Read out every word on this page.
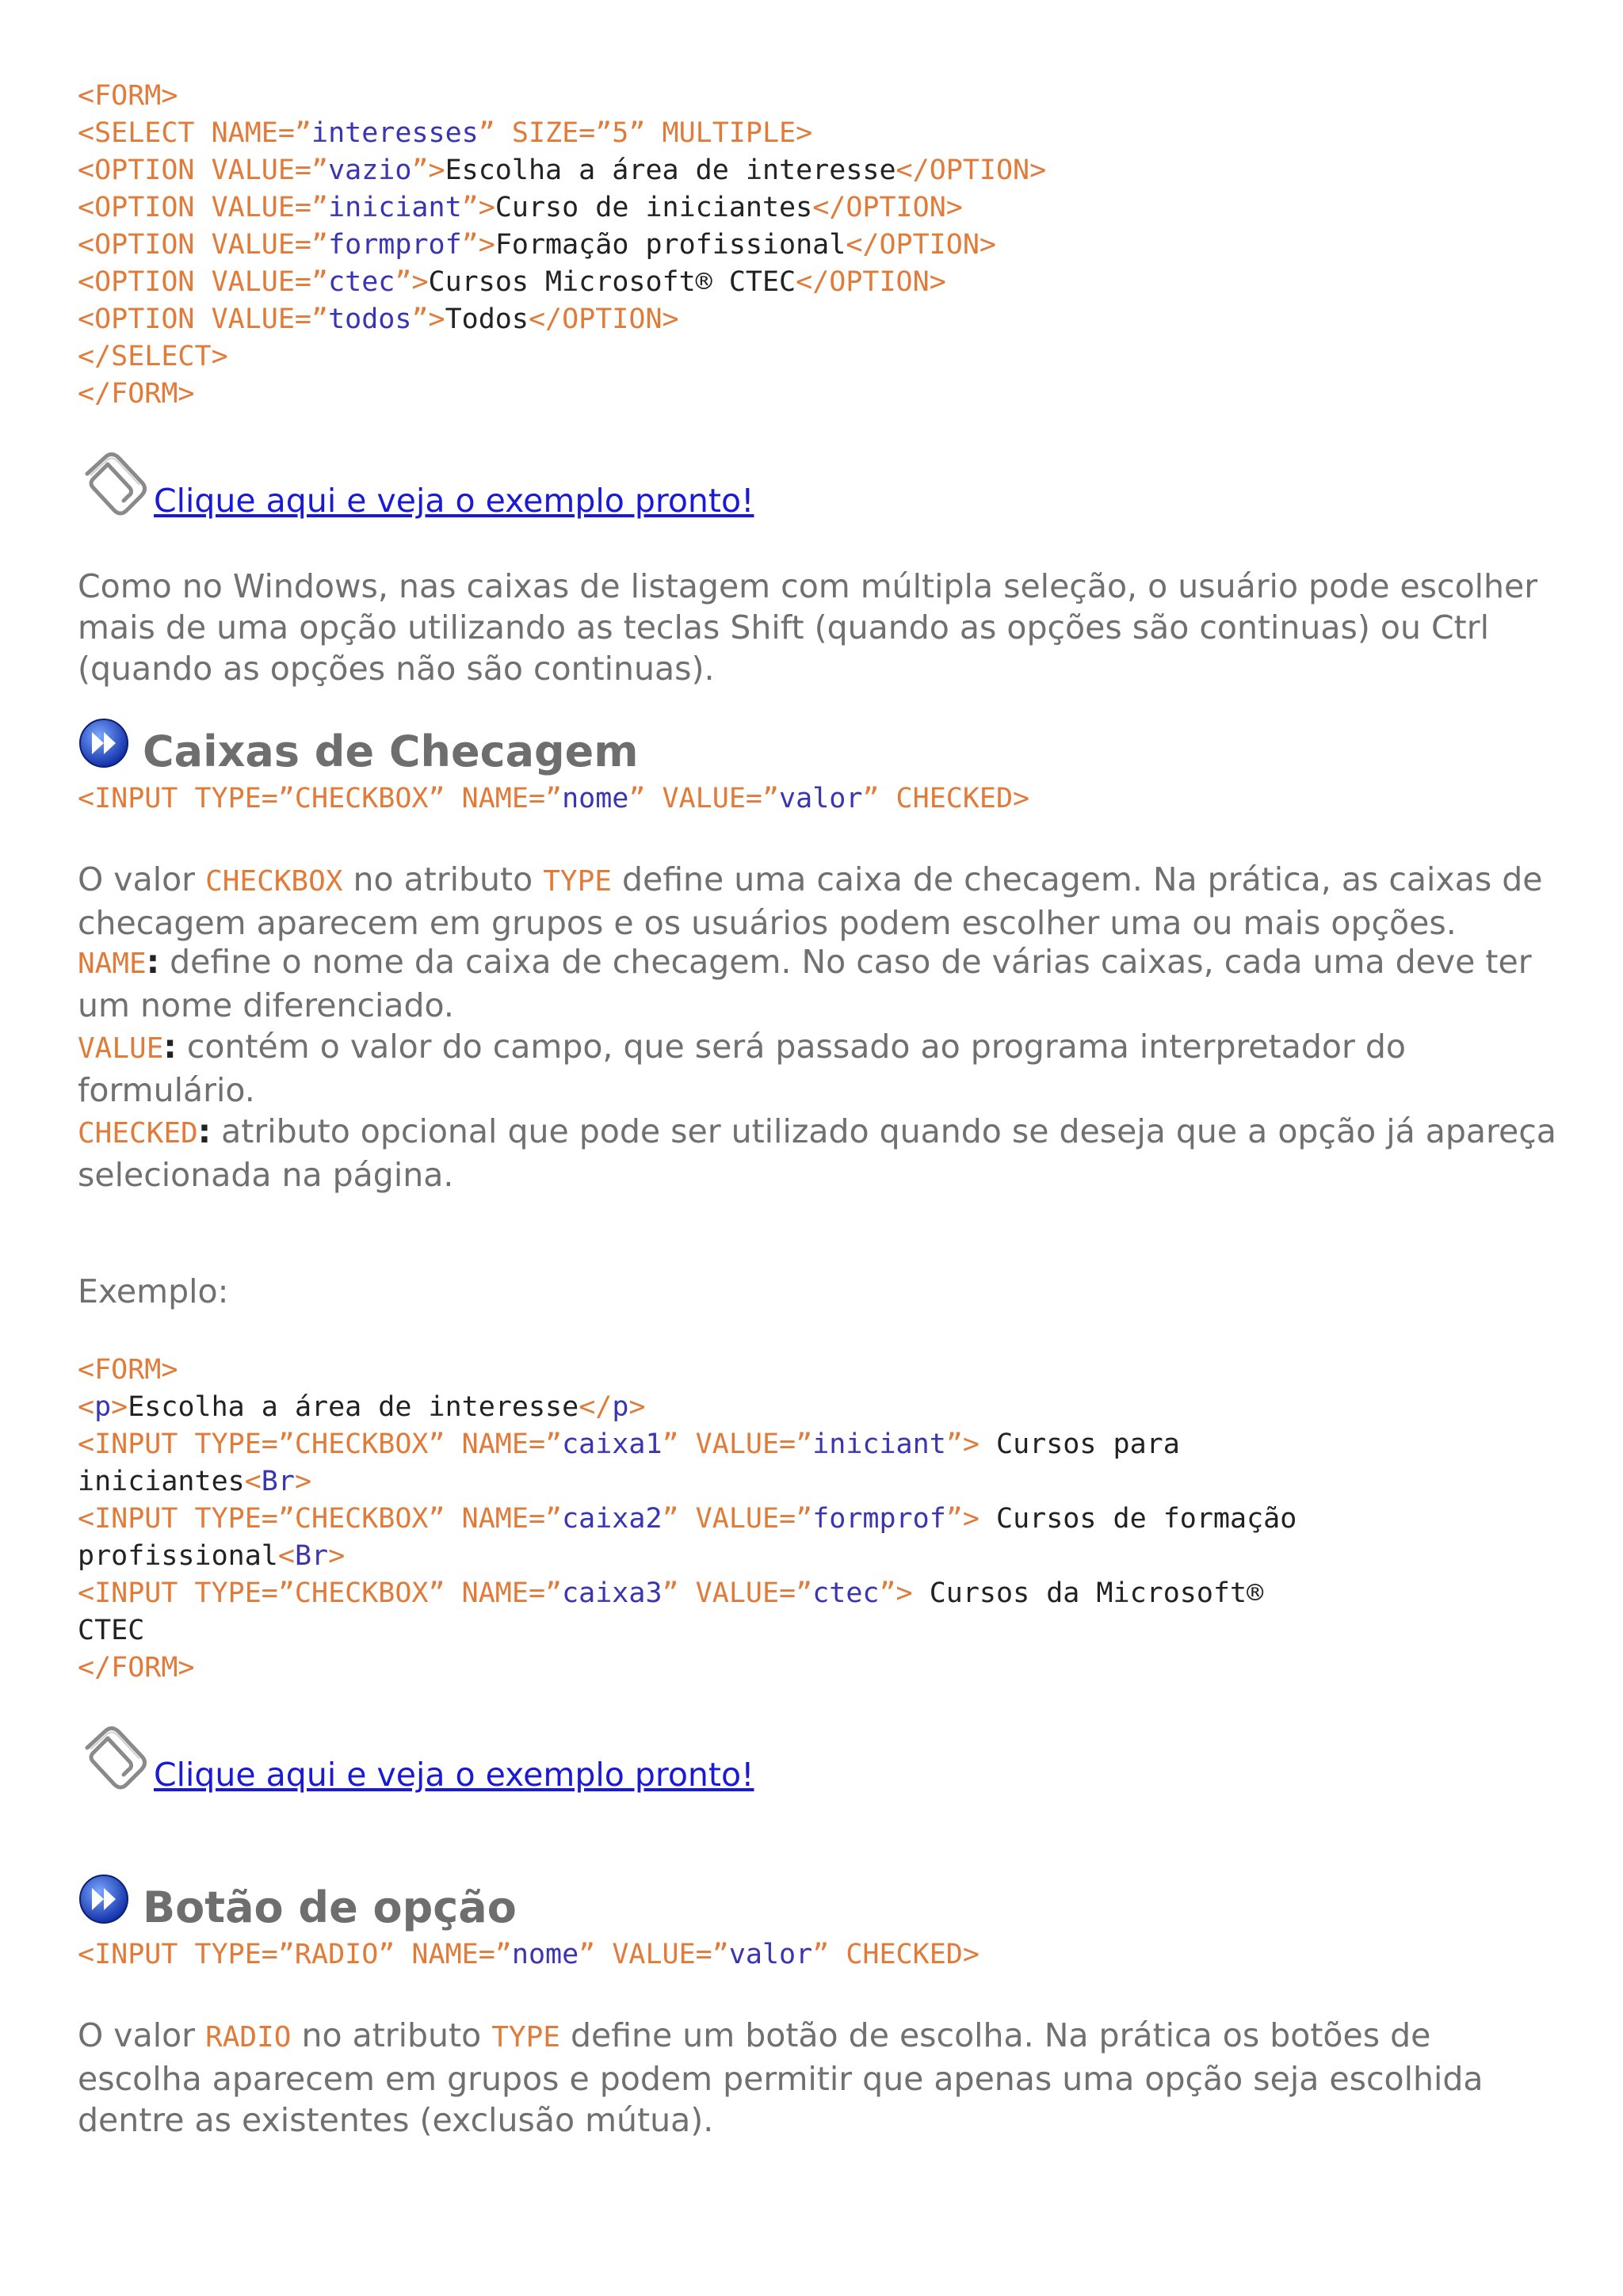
<FORM>
<SELECT NAME=”interesses” SIZE=”5” MULTIPLE>
<OPTION VALUE=”vazio”>Escolha a área de interesse</OPTION>
<OPTION VALUE=”iniciant”>Curso de iniciantes</OPTION>
<OPTION VALUE=”formprof”>Formação profissional</OPTION>
<OPTION VALUE=”ctec”>Cursos Microsoft® CTEC</OPTION>
<OPTION VALUE=”todos”>Todos</OPTION>
</SELECT>
</FORM>
Clique aqui e veja o exemplo pronto!
Como no Windows, nas caixas de listagem com múltipla seleção, o usuário pode escolher mais de uma opção utilizando as teclas Shift (quando as opções são continuas) ou Ctrl (quando as opções não são continuas).
Caixas de Checagem
<INPUT TYPE=”CHECKBOX” NAME=”nome” VALUE=”valor” CHECKED>
O valor CHECKBOX no atributo TYPE define uma caixa de checagem. Na prática, as caixas de checagem aparecem em grupos e os usuários podem escolher uma ou mais opções.
NAME: define o nome da caixa de checagem. No caso de várias caixas, cada uma deve ter um nome diferenciado.
VALUE: contém o valor do campo, que será passado ao programa interpretador do formulário.
CHECKED: atributo opcional que pode ser utilizado quando se deseja que a opção já apareça selecionada na página.
Exemplo:
<FORM>
<p>Escolha a área de interesse</p>
<INPUT TYPE=”CHECKBOX” NAME=”caixa1” VALUE=”iniciant”> Cursos para
iniciantes<Br>
<INPUT TYPE=”CHECKBOX” NAME=”caixa2” VALUE=”formprof”> Cursos de formação
profissional<Br>
<INPUT TYPE=”CHECKBOX” NAME=”caixa3” VALUE=”ctec”> Cursos da Microsoft®
CTEC
</FORM>
Clique aqui e veja o exemplo pronto!
Botão de opção
<INPUT TYPE=”RADIO” NAME=”nome” VALUE=”valor” CHECKED>
O valor RADIO no atributo TYPE define um botão de escolha. Na prática os botões de escolha aparecem em grupos e podem permitir que apenas uma opção seja escolhida dentre as existentes (exclusão mútua).
